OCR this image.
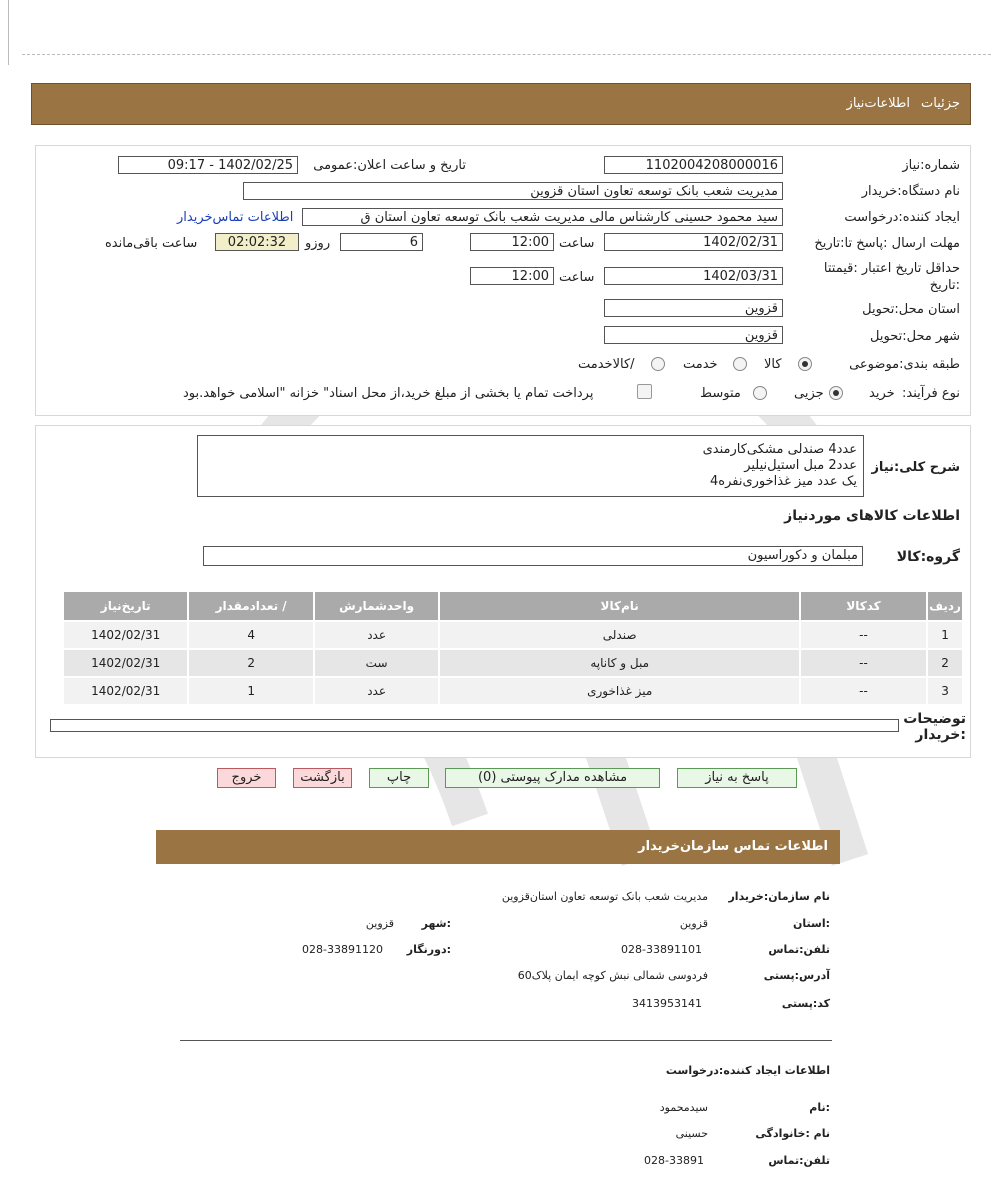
جزئيات
اطلاعات‌نیاز
شماره:نیاز
1102004208000016
تاریخ و ساعت اعلان:عمومی
1402/02/25 - 09:17
نام دستگاه:خریدار
مدیریت شعب بانک توسعه تعاون استان قزوین
ایجاد کننده:درخواست
سید محمود حسینی کارشناس مالی مدیریت شعب بانک توسعه تعاون استان ق
اطلاعات تماس‌خریدار
مهلت ارسال :پاسخ تا:تاریخ
1402/02/31
ساعت
12:00
6
روزو
02:02:32
ساعت باقی‌مانده
حداقل تاریخ اعتبار :قیمتتا
:تاریخ
1402/03/31
ساعت
12:00
استان محل:تحویل
قزوین
شهر محل:تحویل
قزوین
طبقه بندی:موضوعی
کالا
خدمت
/کالاخدمت
نوع فرآیند:
خرید
جزیی
متوسط
پرداخت تمام یا بخشی از مبلغ خرید،از محل اسناد" خزانه "اسلامی خواهد.بود
شرح کلی:نیاز
عدد4 صندلی مشکی‌کارمندی
عدد2 مبل استیل‌نیلیر
یک عدد میز غذاخوری‌نفره4
اطلاعات کالاهای مورد‌نیاز
گروه:کالا
مبلمان و دکوراسیون
ردیف	کدکالا	نام‌کالا	واحدشمارش	/ تعدادمقدار	تاریخ‌نیاز
1	--	صندلی	عدد	4	1402/02/31
2	--	مبل و کاناپه	ست	2	1402/02/31
3	--	میز غذاخوری	عدد	1	1402/02/31
توضیحات :خریدار
پاسخ به نیاز
مشاهده مدارک پیوستی (0)
چاپ
بازگشت
خروج
اطلاعات تماس سازمان‌خریدار
نام سازمان:خریدار
مدیریت شعب بانک توسعه تعاون استان‌قزوین
:استان
قزوین
:شهر
قزوین
تلفن:تماس
028-33891101
:دورنگار
028-33891120
آدرس:پستی
فردوسی شمالی نبش کوچه ایمان پلاک60
کد:پستی
3413953141
اطلاعات ایجاد کننده:درخواست
:نام
سیدمحمود
نام :خانوادگی
حسینی
تلفن:تماس
028-33891
